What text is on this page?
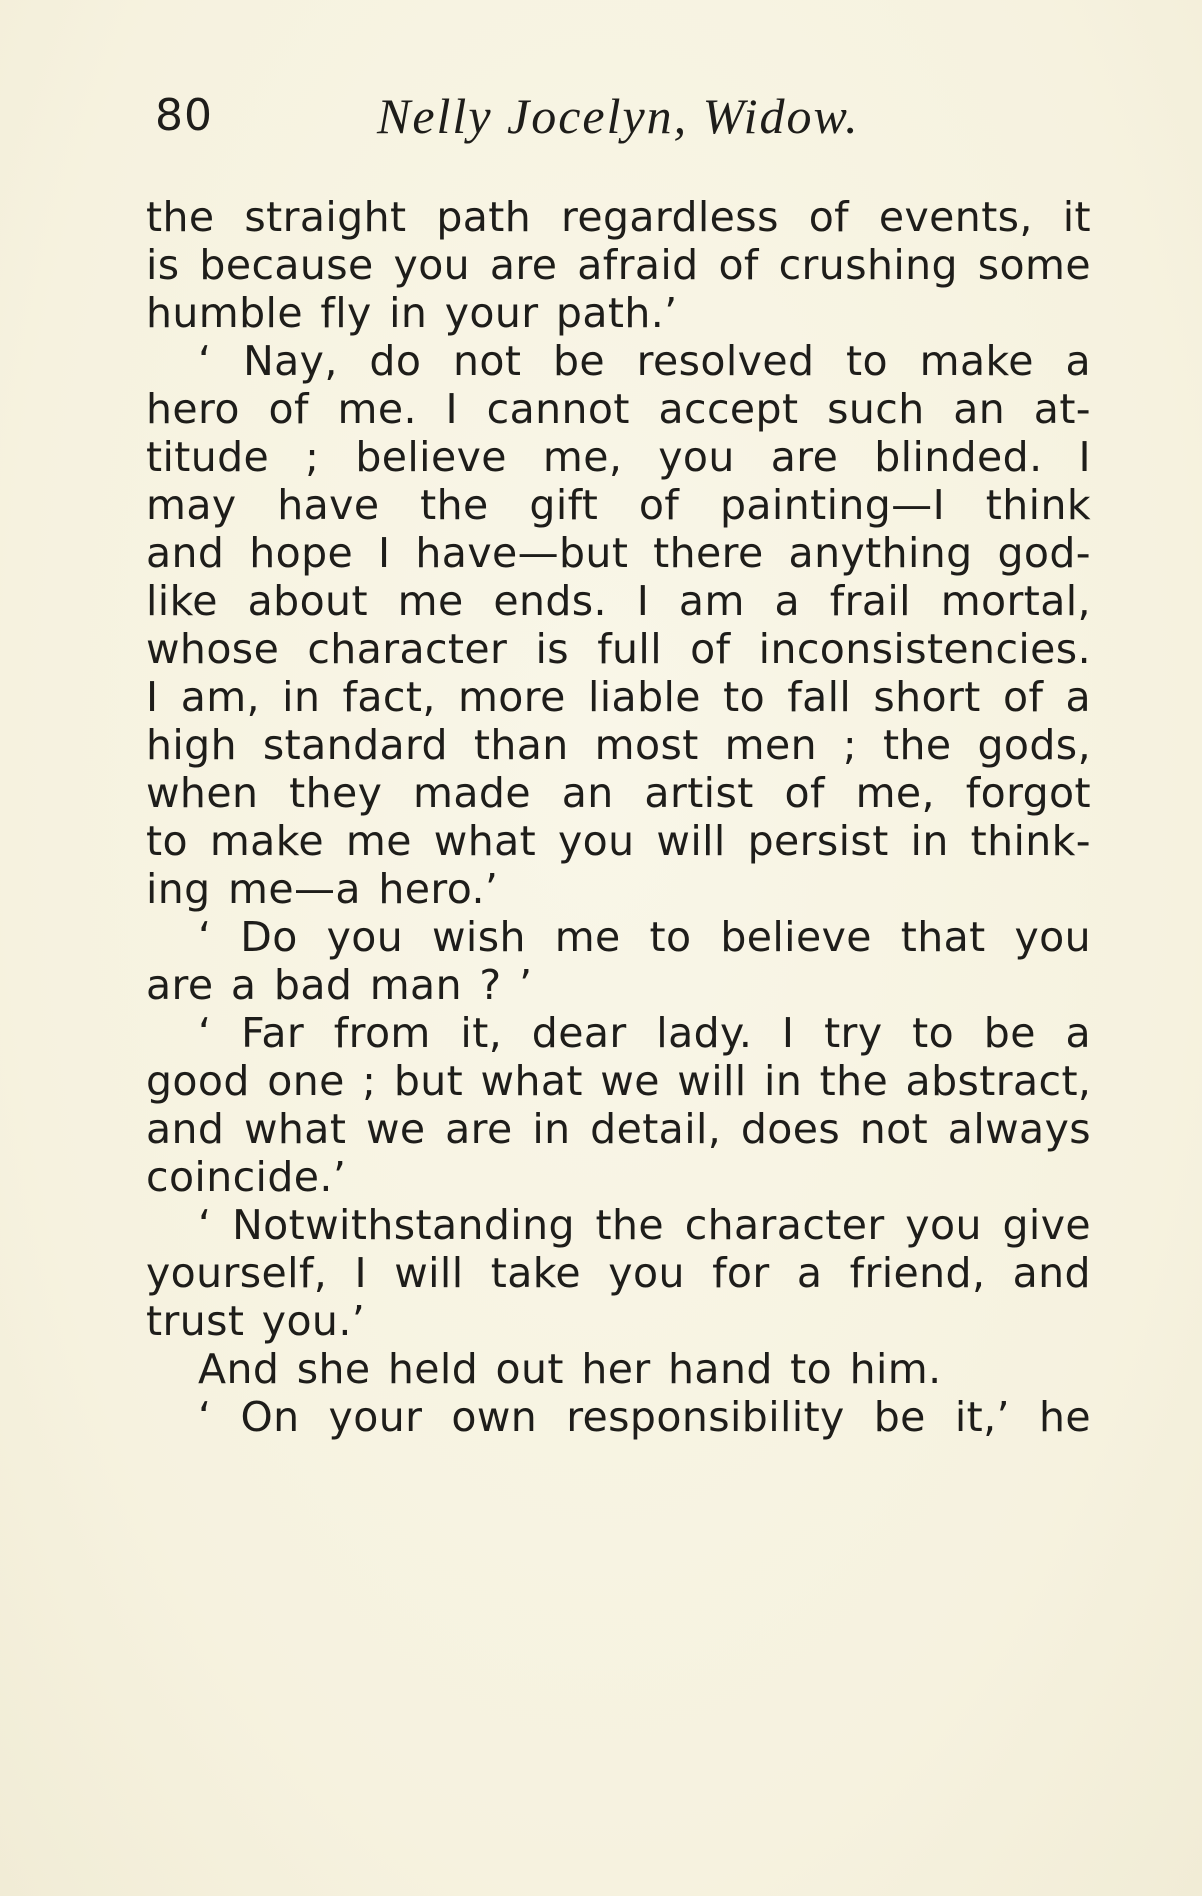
80	Nelly Jocelyn, Widow.
the straight path regardless of events, it
is because you are afraid of crushing some
humble fly in your path.’
‘ Nay, do not be resolved to make a
hero of me. I cannot accept such an at-
titude ; believe me, you are blinded. I
may have the gift of painting—I think
and hope I have—but there anything god-
like about me ends. I am a frail mortal,
whose character is full of inconsistencies.
I am, in fact, more liable to fall short of a
high standard than most men ; the gods,
when they made an artist of me, forgot
to make me what you will persist in think-
ing me—a hero.’
‘ Do you wish me to believe that you
are a bad man ? ’
‘ Far from it, dear lady. I try to be a
good one ; but what we will in the abstract,
and what we are in detail, does not always
coincide.’
‘ Notwithstanding the character you give
yourself, I will take you for a friend, and
trust you.’
And she held out her hand to him.
‘ On your own responsibility be it,’ he
